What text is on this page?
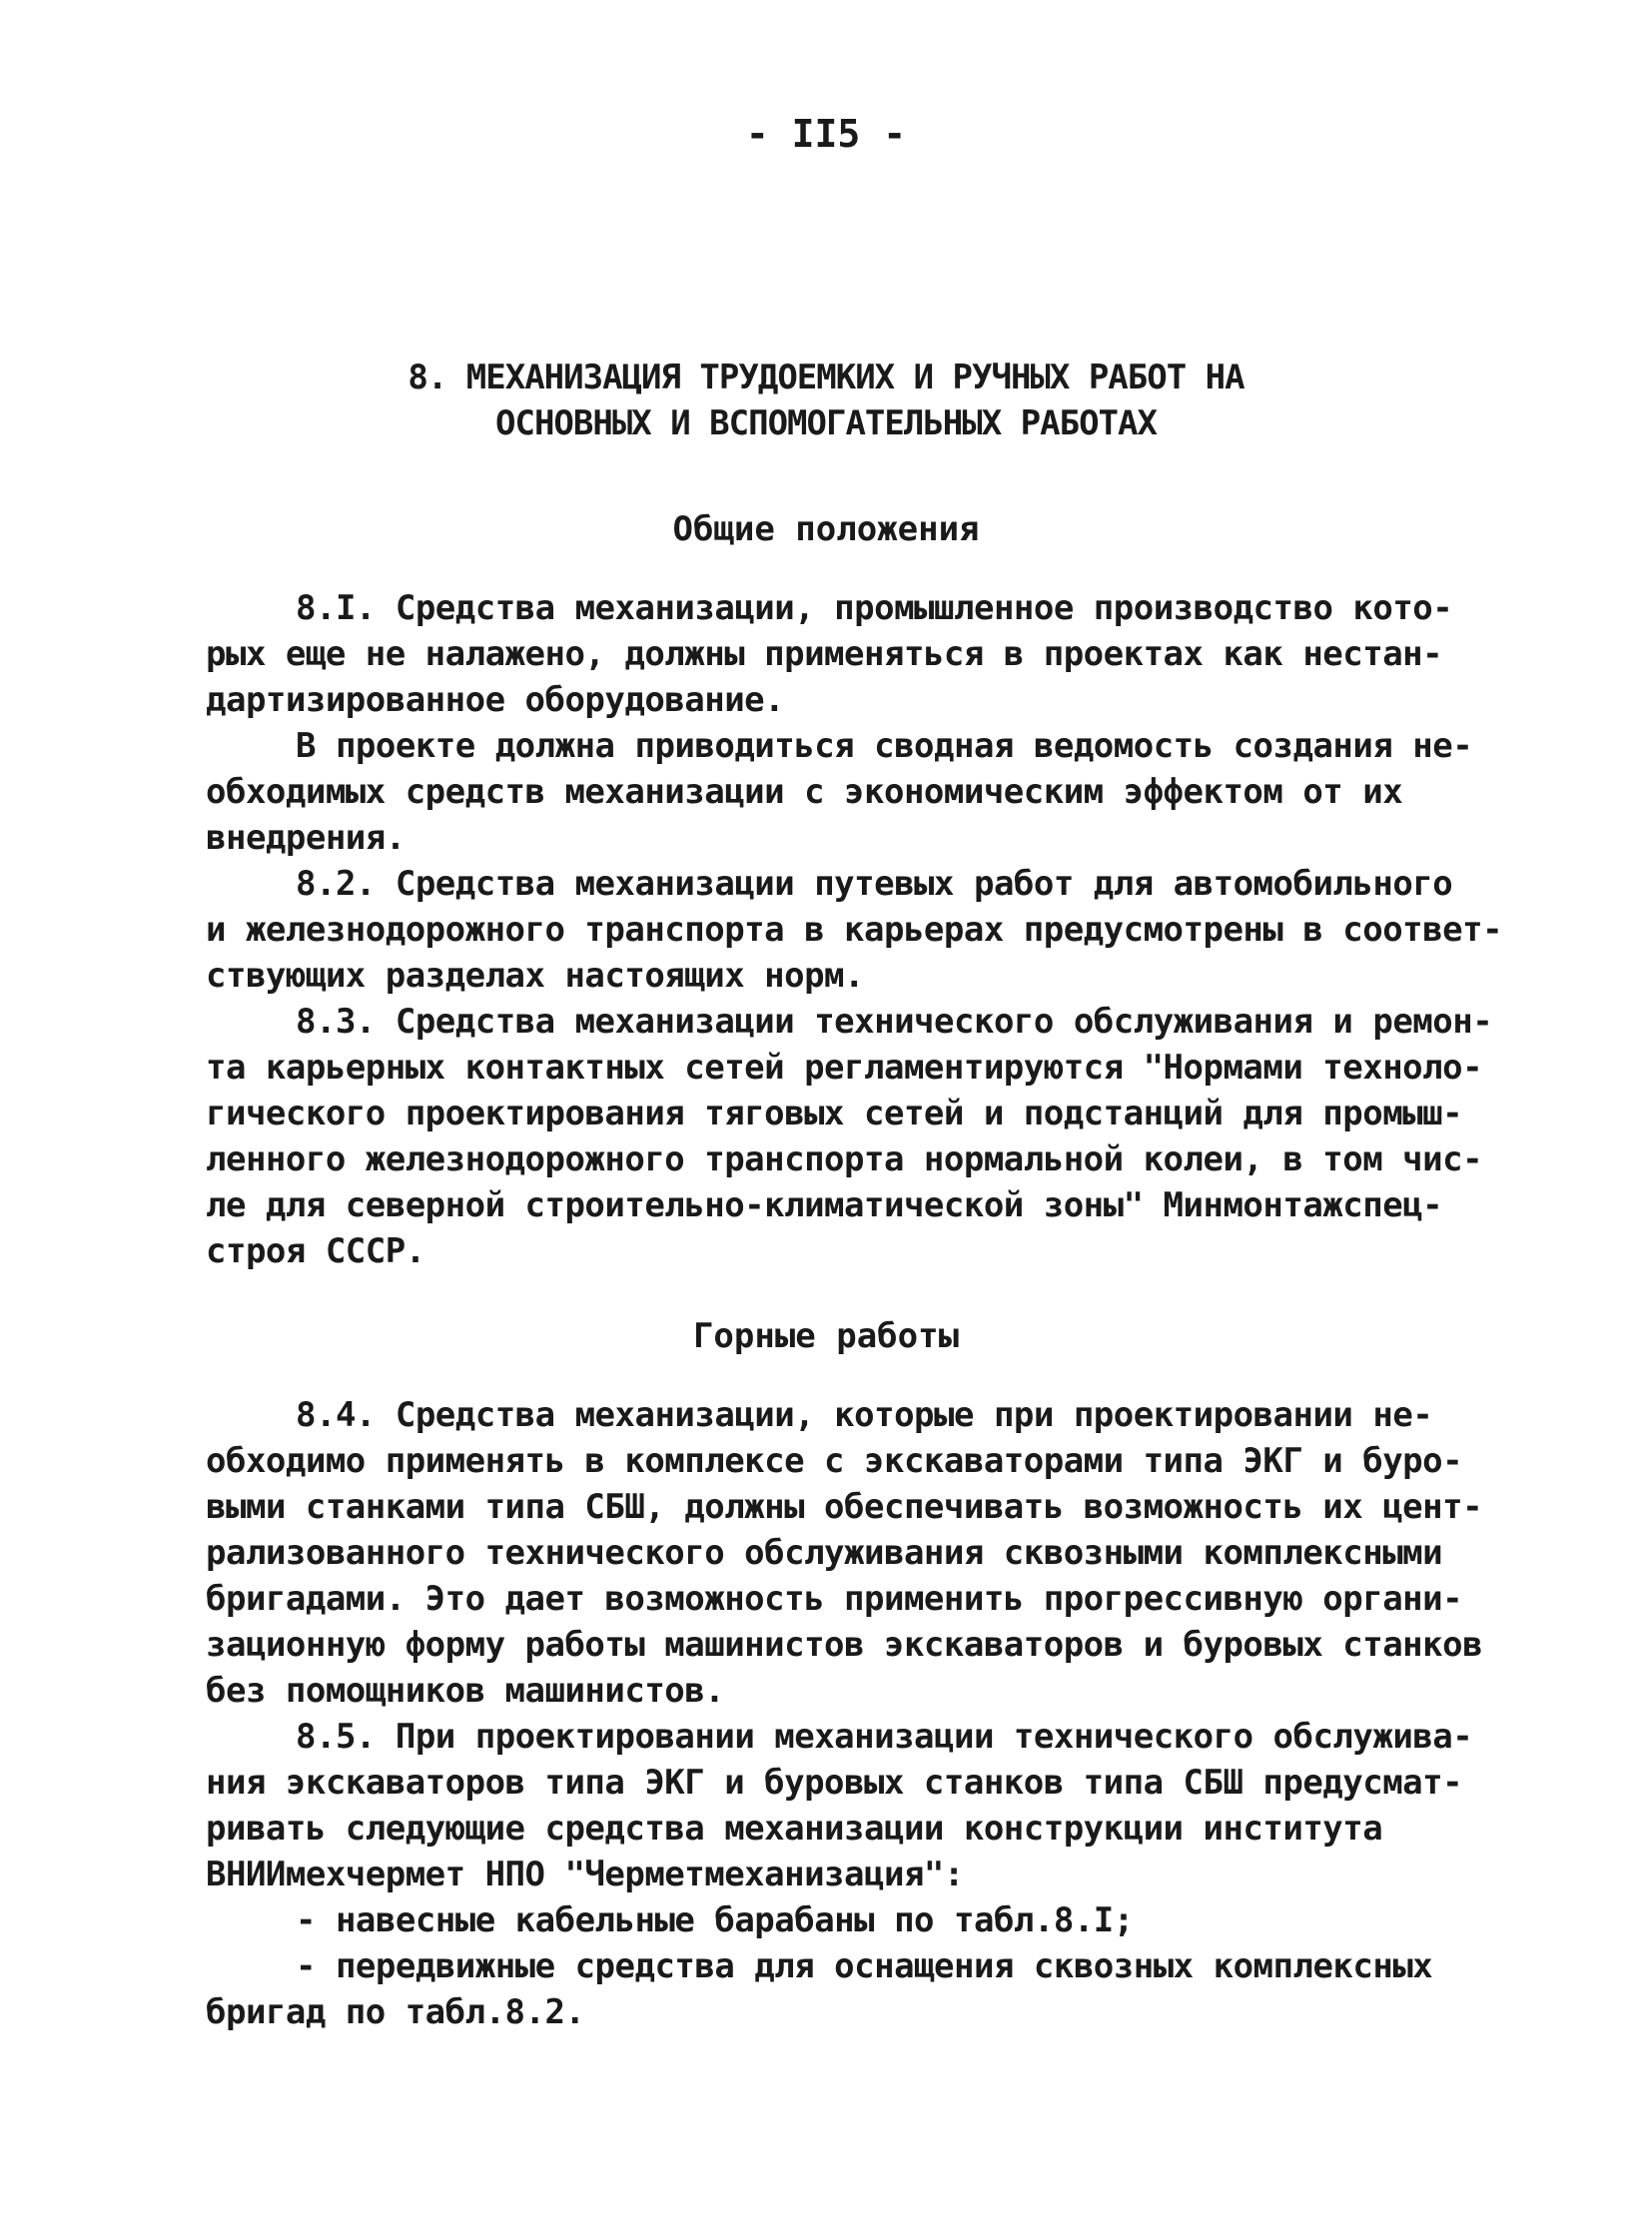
- II5 -
8. МЕХАНИЗАЦИЯ ТРУДОЕМКИХ И РУЧНЫХ РАБОТ НА
ОСНОВНЫХ И ВСПОМОГАТЕЛЬНЫХ РАБОТАХ
Общие положения
8.I. Средства механизации, промышленное производство кото-
рых еще не налажено, должны применяться в проектах как нестан-
дартизированное оборудование.
В проекте должна приводиться сводная ведомость создания не-
обходимых средств механизации с экономическим эффектом от их
внедрения.
8.2. Средства механизации путевых работ для автомобильного
и железнодорожного транспорта в карьерах предусмотрены в соответ-
ствующих разделах настоящих норм.
8.3. Средства механизации технического обслуживания и ремон-
та карьерных контактных сетей регламентируются "Нормами техноло-
гического проектирования тяговых сетей и подстанций для промыш-
ленного железнодорожного транспорта нормальной колеи, в том чис-
ле для северной строительно-климатической зоны" Минмонтажспец-
строя СССР.
Горные работы
8.4. Средства механизации, которые при проектировании не-
обходимо применять в комплексе с экскаваторами типа ЭКГ и буро-
выми станками типа СБШ, должны обеспечивать возможность их цент-
рализованного технического обслуживания сквозными комплексными
бригадами. Это дает возможность применить прогрессивную органи-
зационную форму работы машинистов экскаваторов и буровых станков
без помощников машинистов.
8.5. При проектировании механизации технического обслужива-
ния экскаваторов типа ЭКГ и буровых станков типа СБШ предусмат-
ривать следующие средства механизации конструкции института
ВНИИмехчермет НПО "Черметмеханизация":
- навесные кабельные барабаны по табл.8.I;
- передвижные средства для оснащения сквозных комплексных
бригад по табл.8.2.
